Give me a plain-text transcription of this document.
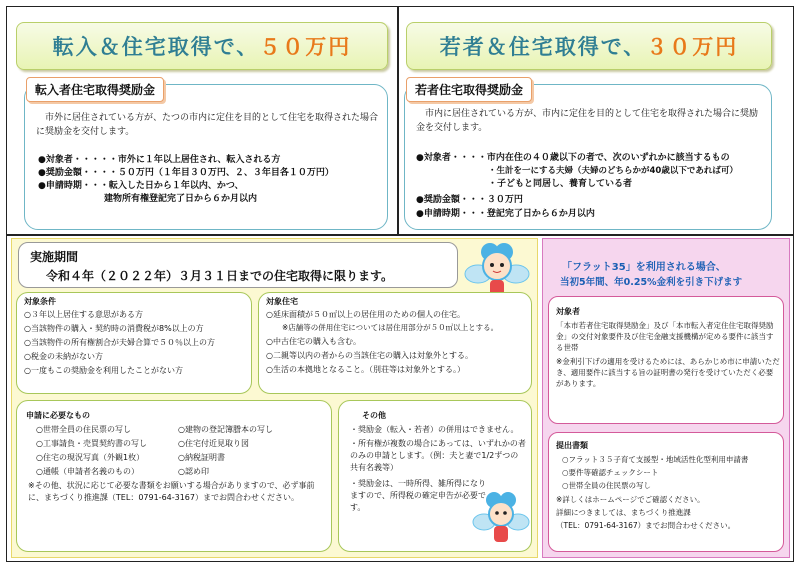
転入＆住宅取得で、 ５０万円
転入者住宅取得奨励金
市外に居住されている方が、たつの市内に定住を目的として住宅を取得された場合に奨励金を交付します。
●対象者・・・・・市外に１年以上居住され、転入される方
●奨励金額・・・・５０万円（１年目３０万円、２、３年目各１０万円）
●申請時期・・・転入した日から１年以内、かつ、
建物所有権登記完了日から６か月以内
若者＆住宅取得で、 ３０万円
若者住宅取得奨励金
市内に居住されている方が、市内に定住を目的として住宅を取得された場合に奨励金を交付します。
●対象者・・・・市内在住の４０歳以下の者で、次のいずれかに該当するもの
・生計を一にする夫婦（夫婦のどちらかが40歳以下であれば可）
・子どもと同居し、養育している者
●奨励金額・・・３０万円
●申請時期・・・登記完了日から６か月以内
実施期間
令和４年（２０２２年）３月３１日までの住宅取得に限ります。
対象条件
○３年以上居住する意思がある方
○当該物件の購入・契約時の消費税が8%以上の方
○当該物件の所有権割合が夫婦合算で５０％以上の方
○税金の未納がない方
○一度もこの奨励金を利用したことがない方
対象住宅
○延床面積が５０㎡以上の居住用のための個人の住宅。
※店舗等の併用住宅については居住用部分が５０㎡以上とする。
○中古住宅の購入も含む。
○二親等以内の者からの当該住宅の購入は対象外とする。
○生活の本拠地となること。（別荘等は対象外とする。）
申請に必要なもの
○世帯全員の住民票の写し
○工事請負・売買契約書の写し
○住宅の現況写真（外観1枚）
○通帳（申請者名義のもの）
○建物の登記簿謄本の写し
○住宅付近見取り図
○納税証明書
○認め印
※その他、状況に応じて必要な書類をお願いする場合がありますので、必ず事前に、まちづくり推進課（TEL：0791-64-3167）までお問合わせください。
その他
・奨励金（転入・若者）の併用はできません。
・所有権が複数の場合にあっては、いずれかの者のみの申請とします。（例：夫と妻で1/2ずつの共有名義等）
・奨励金は、一時所得、雑所得になりますので、所得税の確定申告が必要です。
「フラット35」を利用される場合、
当初5年間、年0.25%金利を引き下げます
対象者
「本市若者住宅取得奨励金」及び「本市転入者定住住宅取得奨励金」の交付対象要件及び住宅金融支援機構が定める要件に該当する世帯
※金利引下げの適用を受けるためには、あらかじめ市に申請いただき、適用要件に該当する旨の証明書の発行を受けていただく必要があります。
提出書類
○フラット３５子育て支援型・地域活性化型利用申請書
○要件等確認チェックシート
○世帯全員の住民票の写し
※詳しくはホームページでご確認ください。
詳細につきましては、まちづくり推進課
（TEL：0791-64-3167）までお問合わせください。
